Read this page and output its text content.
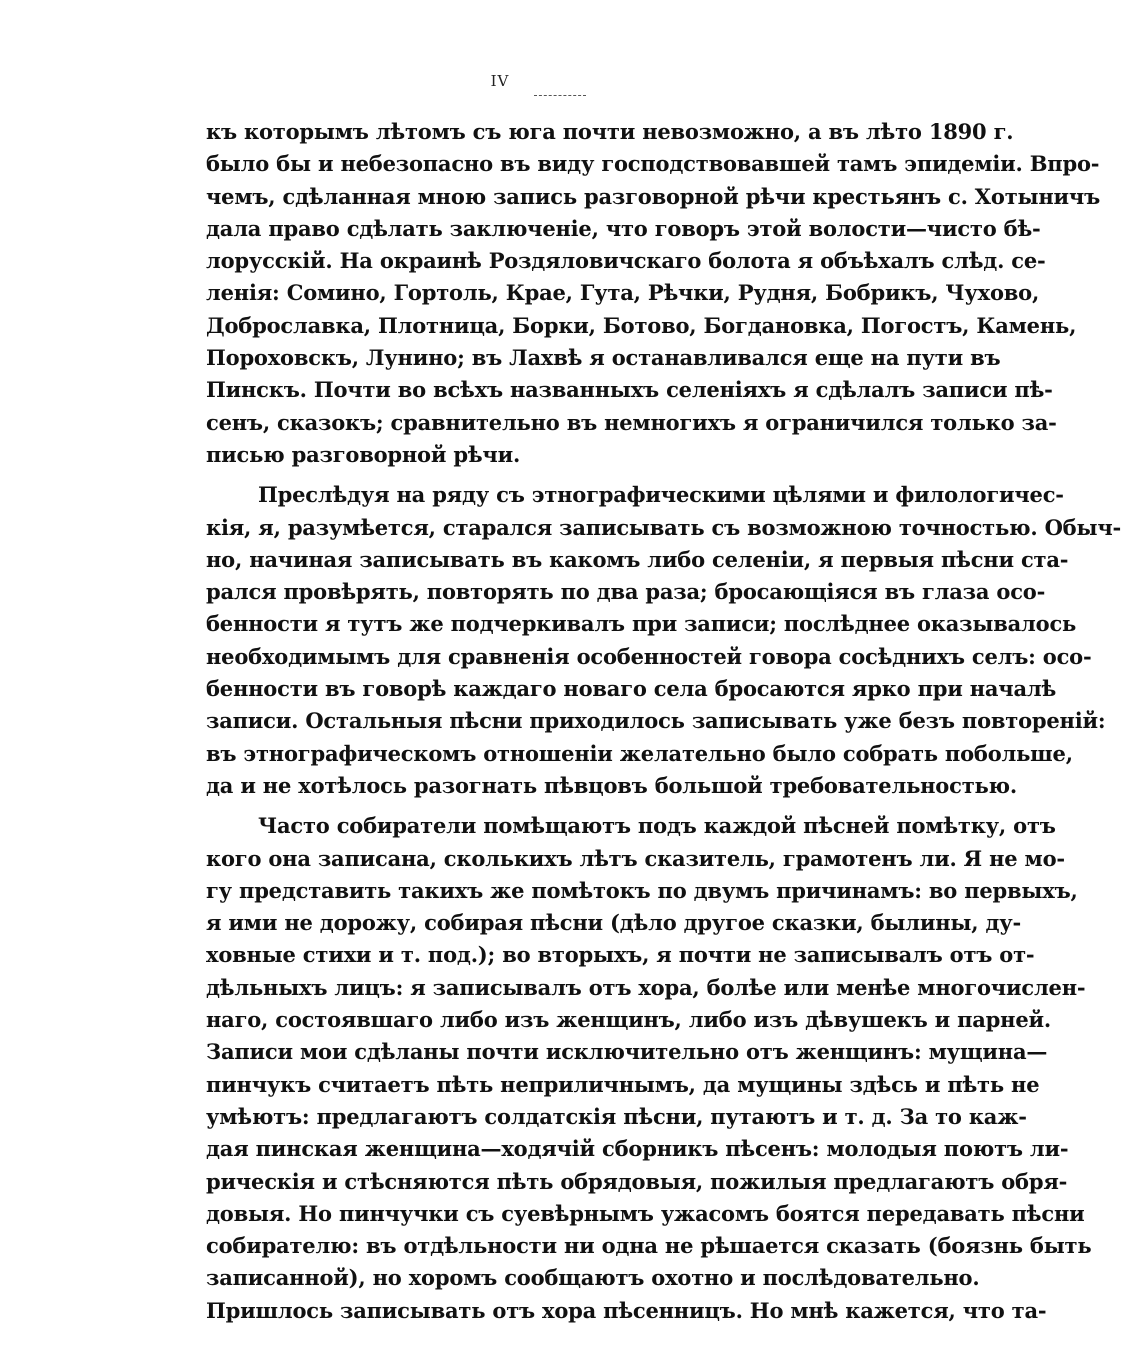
IV
къ которымъ лѣтомъ съ юга почти невозможно, а въ лѣто 1890 г.
было бы и небезопасно въ виду господствовавшей тамъ эпидеміи. Впро-
чемъ, сдѣланная мною запись разговорной рѣчи крестьянъ с. Хотыничъ
дала право сдѣлать заключеніе, что говоръ этой волости—чисто бѣ-
лорусскій. На окраинѣ Роздяловичскаго болота я объѣхалъ слѣд. се-
ленія: Сомино, Гортоль, Крае, Гута, Рѣчки, Рудня, Бобрикъ, Чухово,
Доброславка, Плотница, Борки, Ботово, Богдановка, Погостъ, Камень,
Пороховскъ, Лунино; въ Лахвѣ я останавливался еще на пути въ
Пинскъ. Почти во всѣхъ названныхъ селеніяхъ я сдѣлалъ записи пѣ-
сенъ, сказокъ; сравнительно въ немногихъ я ограничился только за-
писью разговорной рѣчи.
Преслѣдуя на ряду съ этнографическими цѣлями и филологичес-
кія, я, разумѣется, старался записывать съ возможною точностью. Обыч-
но, начиная записывать въ какомъ либо селеніи, я первыя пѣсни ста-
рался провѣрять, повторять по два раза; бросающіяся въ глаза осо-
бенности я тутъ же подчеркивалъ при записи; послѣднее оказывалось
необходимымъ для сравненія особенностей говора сосѣднихъ селъ: осо-
бенности въ говорѣ каждаго новаго села бросаются ярко при началѣ
записи. Остальныя пѣсни приходилось записывать уже безъ повтореній:
въ этнографическомъ отношеніи желательно было собрать побольше,
да и не хотѣлось разогнать пѣвцовъ большой требовательностью.
Часто собиратели помѣщаютъ подъ каждой пѣсней помѣтку, отъ
кого она записана, сколькихъ лѣтъ сказитель, грамотенъ ли. Я не мо-
гу представить такихъ же помѣтокъ по двумъ причинамъ: во первыхъ,
я ими не дорожу, собирая пѣсни (дѣло другое сказки, былины, ду-
ховные стихи и т. под.); во вторыхъ, я почти не записывалъ отъ от-
дѣльныхъ лицъ: я записывалъ отъ хора, болѣе или менѣе многочислен-
наго, состоявшаго либо изъ женщинъ, либо изъ дѣвушекъ и парней.
Записи мои сдѣланы почти исключительно отъ женщинъ: мущина—
пинчукъ считаетъ пѣть неприличнымъ, да мущины здѣсь и пѣть не
умѣютъ: предлагаютъ солдатскія пѣсни, путаютъ и т. д. За то каж-
дая пинская женщина—ходячій сборникъ пѣсенъ: молодыя поютъ ли-
рическія и стѣсняются пѣть обрядовыя, пожилыя предлагаютъ обря-
довыя. Но пинчучки съ суевѣрнымъ ужасомъ боятся передавать пѣсни
собирателю: въ отдѣльности ни одна не рѣшается сказать (боязнь быть
записанной), но хоромъ сообщаютъ охотно и послѣдовательно.
Пришлось записывать отъ хора пѣсенницъ. Но мнѣ кажется, что та-
